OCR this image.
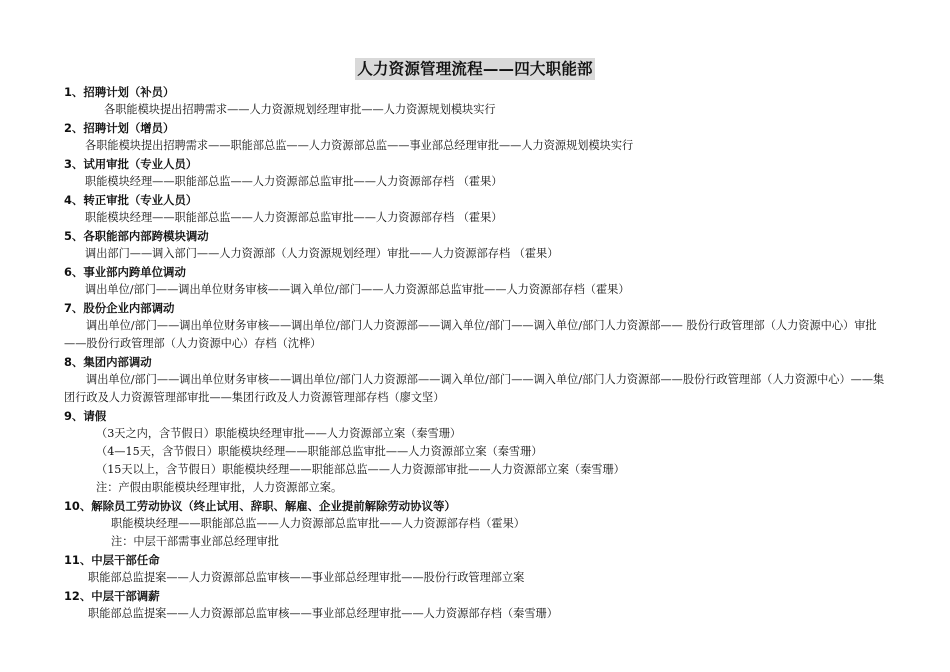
人力资源管理流程——四大职能部
1、招聘计划（补员）
各职能模块提出招聘需求——人力资源规划经理审批——人力资源规划模块实行
2、招聘计划（增员）
各职能模块提出招聘需求——职能部总监——人力资源部总监——事业部总经理审批——人力资源规划模块实行
3、试用审批（专业人员）
职能模块经理——职能部总监——人力资源部总监审批——人力资源部存档 （霍果）
4、转正审批（专业人员）
职能模块经理——职能部总监——人力资源部总监审批——人力资源部存档 （霍果）
5、各职能部内部跨模块调动
调出部门——调入部门——人力资源部（人力资源规划经理）审批——人力资源部存档 （霍果）
6、事业部内跨单位调动
调出单位/部门——调出单位财务审核——调入单位/部门——人力资源部总监审批——人力资源部存档（霍果）
7、股份企业内部调动
调出单位/部门——调出单位财务审核——调出单位/部门人力资源部——调入单位/部门——调入单位/部门人力资源部—— 股份行政管理部（人力资源中心）审批——股份行政管理部（人力资源中心）存档（沈桦）
8、集团内部调动
调出单位/部门——调出单位财务审核——调出单位/部门人力资源部——调入单位/部门——调入单位/部门人力资源部——股份行政管理部（人力资源中心）——集团行政及人力资源管理部审批——集团行政及人力资源管理部存档（廖文坚）
9、请假
（3天之内，含节假日）职能模块经理审批——人力资源部立案（秦雪珊）
（4—15天，含节假日）职能模块经理——职能部总监审批——人力资源部立案（秦雪珊）
（15天以上，含节假日）职能模块经理——职能部总监——人力资源部审批——人力资源部立案（秦雪珊）
注：产假由职能模块经理审批，人力资源部立案。
10、解除员工劳动协议（终止试用、辞职、解雇、企业提前解除劳动协议等）
职能模块经理——职能部总监——人力资源部总监审批——人力资源部存档（霍果）
注：中层干部需事业部总经理审批
11、中层干部任命
职能部总监提案——人力资源部总监审核——事业部总经理审批——股份行政管理部立案
12、中层干部调薪
职能部总监提案——人力资源部总监审核——事业部总经理审批——人力资源部存档（秦雪珊）
